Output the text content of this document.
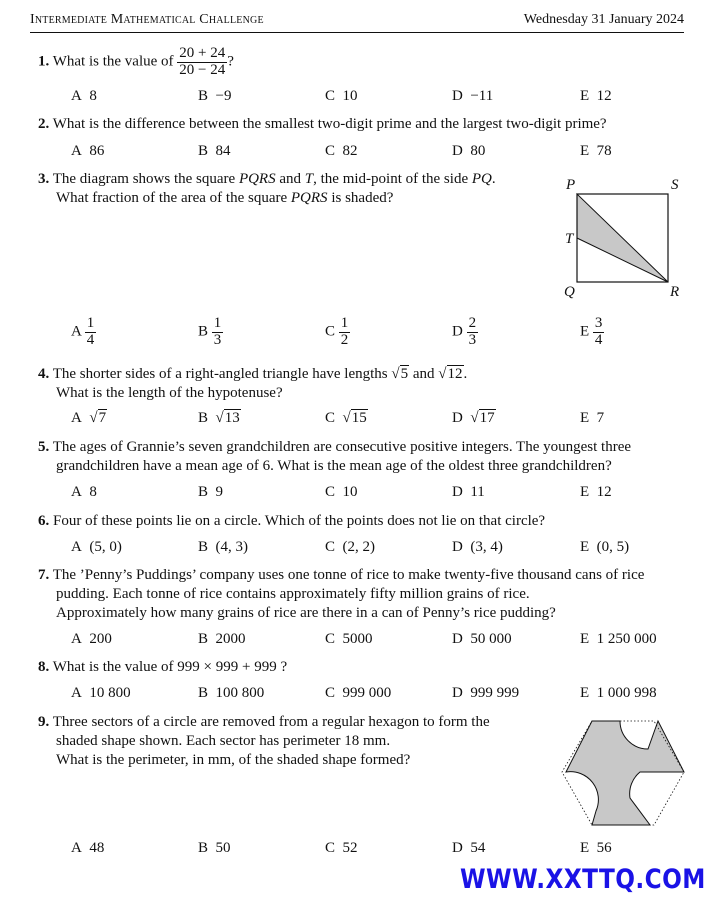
Intermediate Mathematical Challenge	Wednesday 31 January 2024
1. What is the value of $\frac{20 + 24}{20 - 24}$ ?
A 8	B −9	C 10	D −11	E 12
2. What is the difference between the smallest two-digit prime and the largest two-digit prime?
A 86	B 84	C 82	D 80	E 78
3. The diagram shows the square PQRS and T, the mid-point of the side PQ.
What fraction of the area of the square PQRS is shaded?
P	S
T
Q	R
A $\frac{1}{4}$	B $\frac{1}{3}$	C $\frac{1}{2}$	D $\frac{2}{3}$	E $\frac{3}{4}$
4. The shorter sides of a right-angled triangle have lengths √5 and √12.
What is the length of the hypotenuse?
A √7	B √13	C √15	D √17	E 7
5. The ages of Grannie’s seven grandchildren are consecutive positive integers. The youngest three
grandchildren have a mean age of 6. What is the mean age of the oldest three grandchildren?
A 8	B 9	C 10	D 11	E 12
6. Four of these points lie on a circle. Which of the points does not lie on that circle?
A (5, 0)	B (4, 3)	C (2, 2)	D (3, 4)	E (0, 5)
7. The ’Penny’s Puddings’ company uses one tonne of rice to make twenty-five thousand cans of rice
pudding. Each tonne of rice contains approximately fifty million grains of rice.
Approximately how many grains of rice are there in a can of Penny’s rice pudding?
A 200	B 2000	C 5000	D 50 000	E 1 250 000
8. What is the value of 999 × 999 + 999 ?
A 10 800	B 100 800	C 999 000	D 999 999	E 1 000 998
9. Three sectors of a circle are removed from a regular hexagon to form the
shaded shape shown. Each sector has perimeter 18 mm.
What is the perimeter, in mm, of the shaded shape formed?
A 48	B 50	C 52	D 54	E 56
WWW.XXTTQ.COM
